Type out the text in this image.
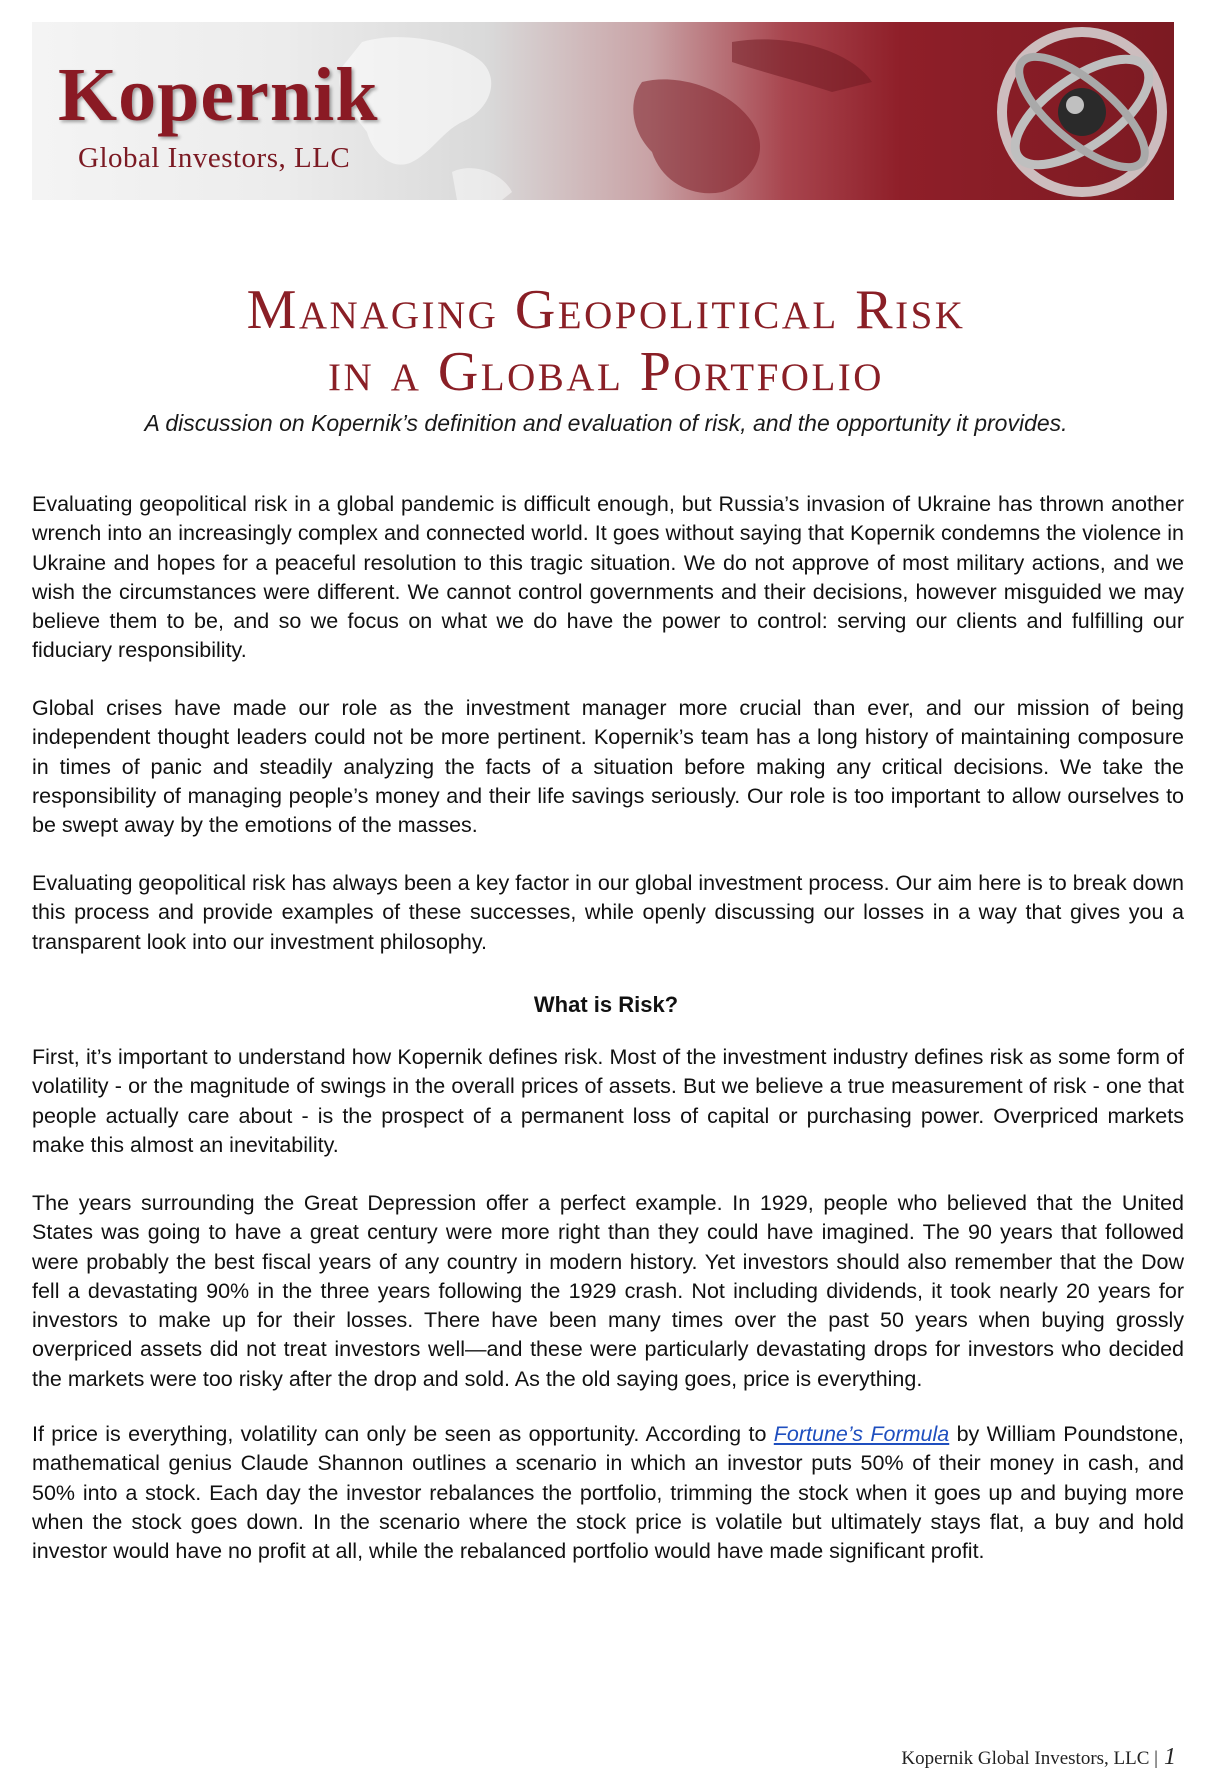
Kopernik
Global Investors, LLC
Managing Geopolitical Risk
in a Global Portfolio
A discussion on Kopernik’s definition and evaluation of risk, and the opportunity it provides.

Evaluating geopolitical risk in a global pandemic is difficult enough, but Russia’s invasion of Ukraine has thrown another wrench into an increasingly complex and connected world. It goes without saying that Kopernik condemns the violence in Ukraine and hopes for a peaceful resolution to this tragic situation. We do not approve of most military actions, and we wish the circumstances were different. We cannot control governments and their decisions, however misguided we may believe them to be, and so we focus on what we do have the power to control: serving our clients and fulfilling our fiduciary responsibility.

Global crises have made our role as the investment manager more crucial than ever, and our mission of being independent thought leaders could not be more pertinent. Kopernik’s team has a long history of maintaining composure in times of panic and steadily analyzing the facts of a situation before making any critical decisions. We take the responsibility of managing people’s money and their life savings seriously. Our role is too important to allow ourselves to be swept away by the emotions of the masses.

Evaluating geopolitical risk has always been a key factor in our global investment process. Our aim here is to break down this process and provide examples of these successes, while openly discussing our losses in a way that gives you a transparent look into our investment philosophy.

What is Risk?

First, it’s important to understand how Kopernik defines risk. Most of the investment industry defines risk as some form of volatility - or the magnitude of swings in the overall prices of assets. But we believe a true measurement of risk - one that people actually care about - is the prospect of a permanent loss of capital or purchasing power. Overpriced markets make this almost an inevitability.

The years surrounding the Great Depression offer a perfect example. In 1929, people who believed that the United States was going to have a great century were more right than they could have imagined. The 90 years that followed were probably the best fiscal years of any country in modern history. Yet investors should also remember that the Dow fell a devastating 90% in the three years following the 1929 crash. Not including dividends, it took nearly 20 years for investors to make up for their losses. There have been many times over the past 50 years when buying grossly overpriced assets did not treat investors well—and these were particularly devastating drops for investors who decided the markets were too risky after the drop and sold. As the old saying goes, price is everything.

If price is everything, volatility can only be seen as opportunity. According to Fortune’s Formula by William Poundstone, mathematical genius Claude Shannon outlines a scenario in which an investor puts 50% of their money in cash, and 50% into a stock. Each day the investor rebalances the portfolio, trimming the stock when it goes up and buying more when the stock goes down. In the scenario where the stock price is volatile but ultimately stays flat, a buy and hold investor would have no profit at all, while the rebalanced portfolio would have made significant profit.

Kopernik Global Investors, LLC | 1
